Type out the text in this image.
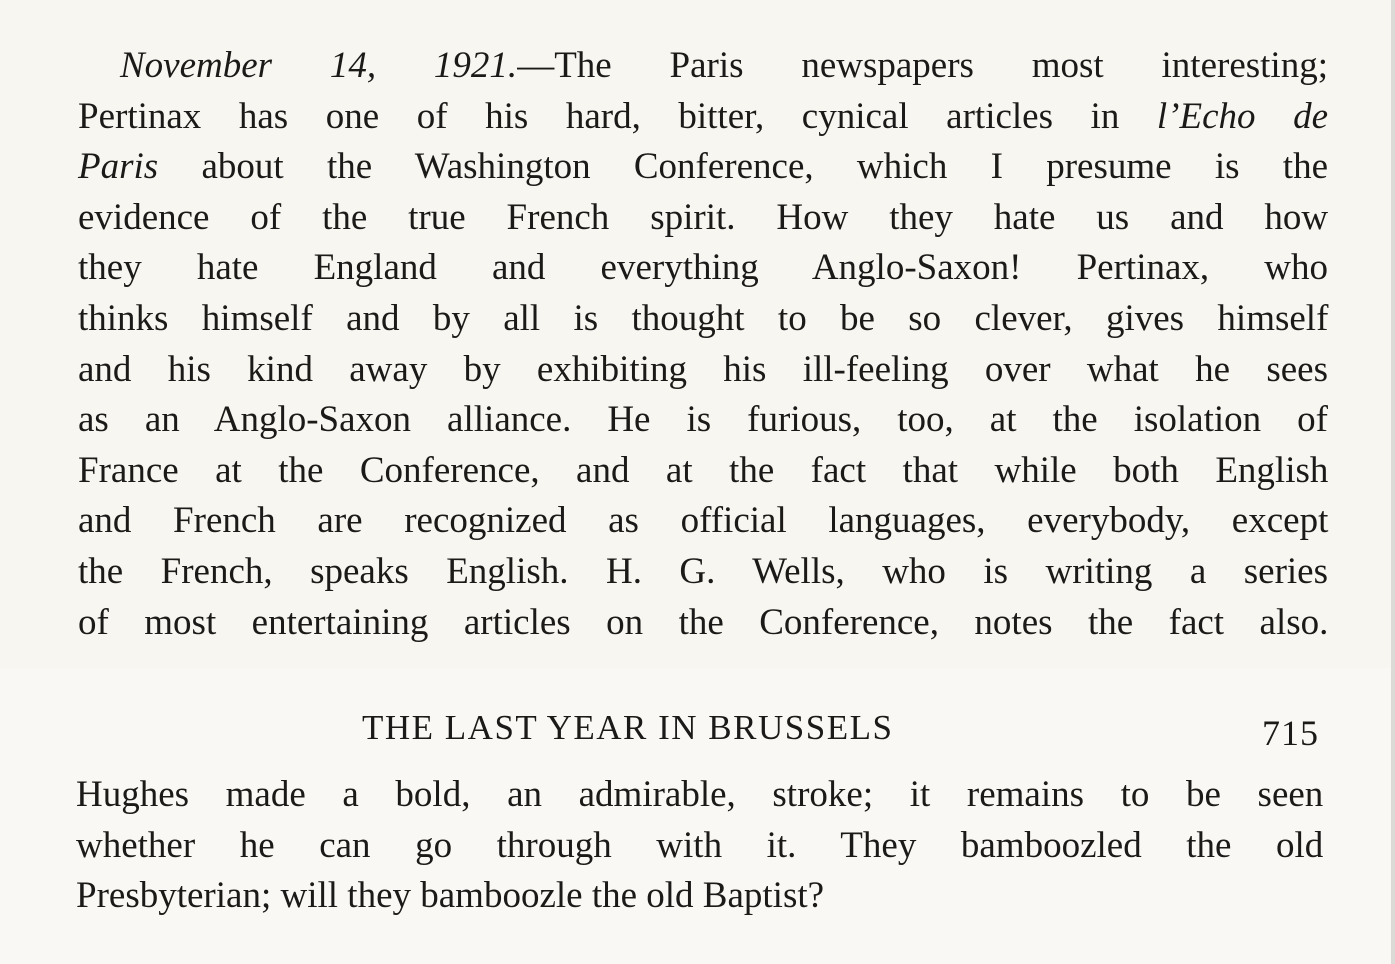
November 14, 1921.—The Paris newspapers most interesting;
Pertinax has one of his hard, bitter, cynical articles in l’Echo de
Paris about the Washington Conference, which I presume is the
evidence of the true French spirit. How they hate us and how
they hate England and everything Anglo-Saxon! Pertinax, who
thinks himself and by all is thought to be so clever, gives himself
and his kind away by exhibiting his ill-feeling over what he sees
as an Anglo-Saxon alliance. He is furious, too, at the isolation of
France at the Conference, and at the fact that while both English
and French are recognized as official languages, everybody, except
the French, speaks English. H. G. Wells, who is writing a series
of most entertaining articles on the Conference, notes the fact also.
THE LAST YEAR IN BRUSSELS	715
Hughes made a bold, an admirable, stroke; it remains to be seen
whether he can go through with it. They bamboozled the old
Presbyterian; will they bamboozle the old Baptist?
